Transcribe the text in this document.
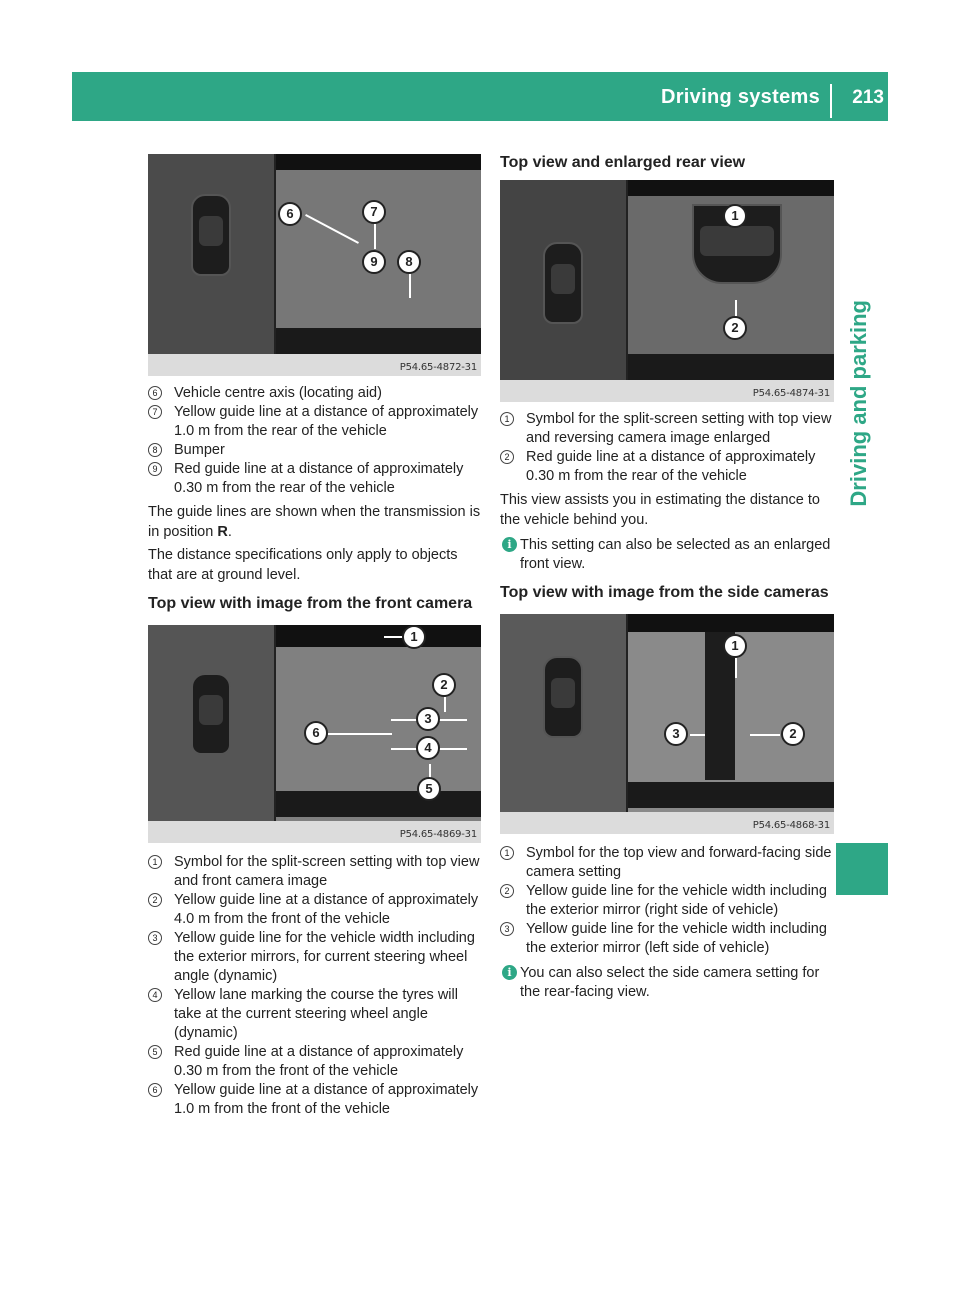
Driving systems 213
Driving and parking
6	7
9	8
P54.65-4872-31
6	Vehicle centre axis (locating aid)
7	Yellow guide line at a distance of approximately 1.0 m from the rear of the vehicle
8	Bumper
9	Red guide line at a distance of approximately 0.30 m from the rear of the vehicle

The guide lines are shown when the transmission is in position R.

The distance specifications only apply to objects that are at ground level.

Top view with image from the front camera
1
2
3
6
4
5
P54.65-4869-31
1	Symbol for the split-screen setting with top view and front camera image
2	Yellow guide line at a distance of approximately 4.0 m from the front of the vehicle
3	Yellow guide line for the vehicle width including the exterior mirrors, for current steering wheel angle (dynamic)
4	Yellow lane marking the course the tyres will take at the current steering wheel angle (dynamic)
5	Red guide line at a distance of approximately 0.30 m from the front of the vehicle
6	Yellow guide line at a distance of approximately 1.0 m from the front of the vehicle
Top view and enlarged rear view
1
2
P54.65-4874-31
1	Symbol for the split-screen setting with top view and reversing camera image enlarged
2	Red guide line at a distance of approximately 0.30 m from the rear of the vehicle

This view assists you in estimating the distance to the vehicle behind you.

i This setting can also be selected as an enlarged front view.
Top view with image from the side cameras
1
3	2
P54.65-4868-31
1	Symbol for the top view and forward-facing side camera setting
2	Yellow guide line for the vehicle width including the exterior mirror (right side of vehicle)
3	Yellow guide line for the vehicle width including the exterior mirror (left side of vehicle)
i You can also select the side camera setting for the rear-facing view.
